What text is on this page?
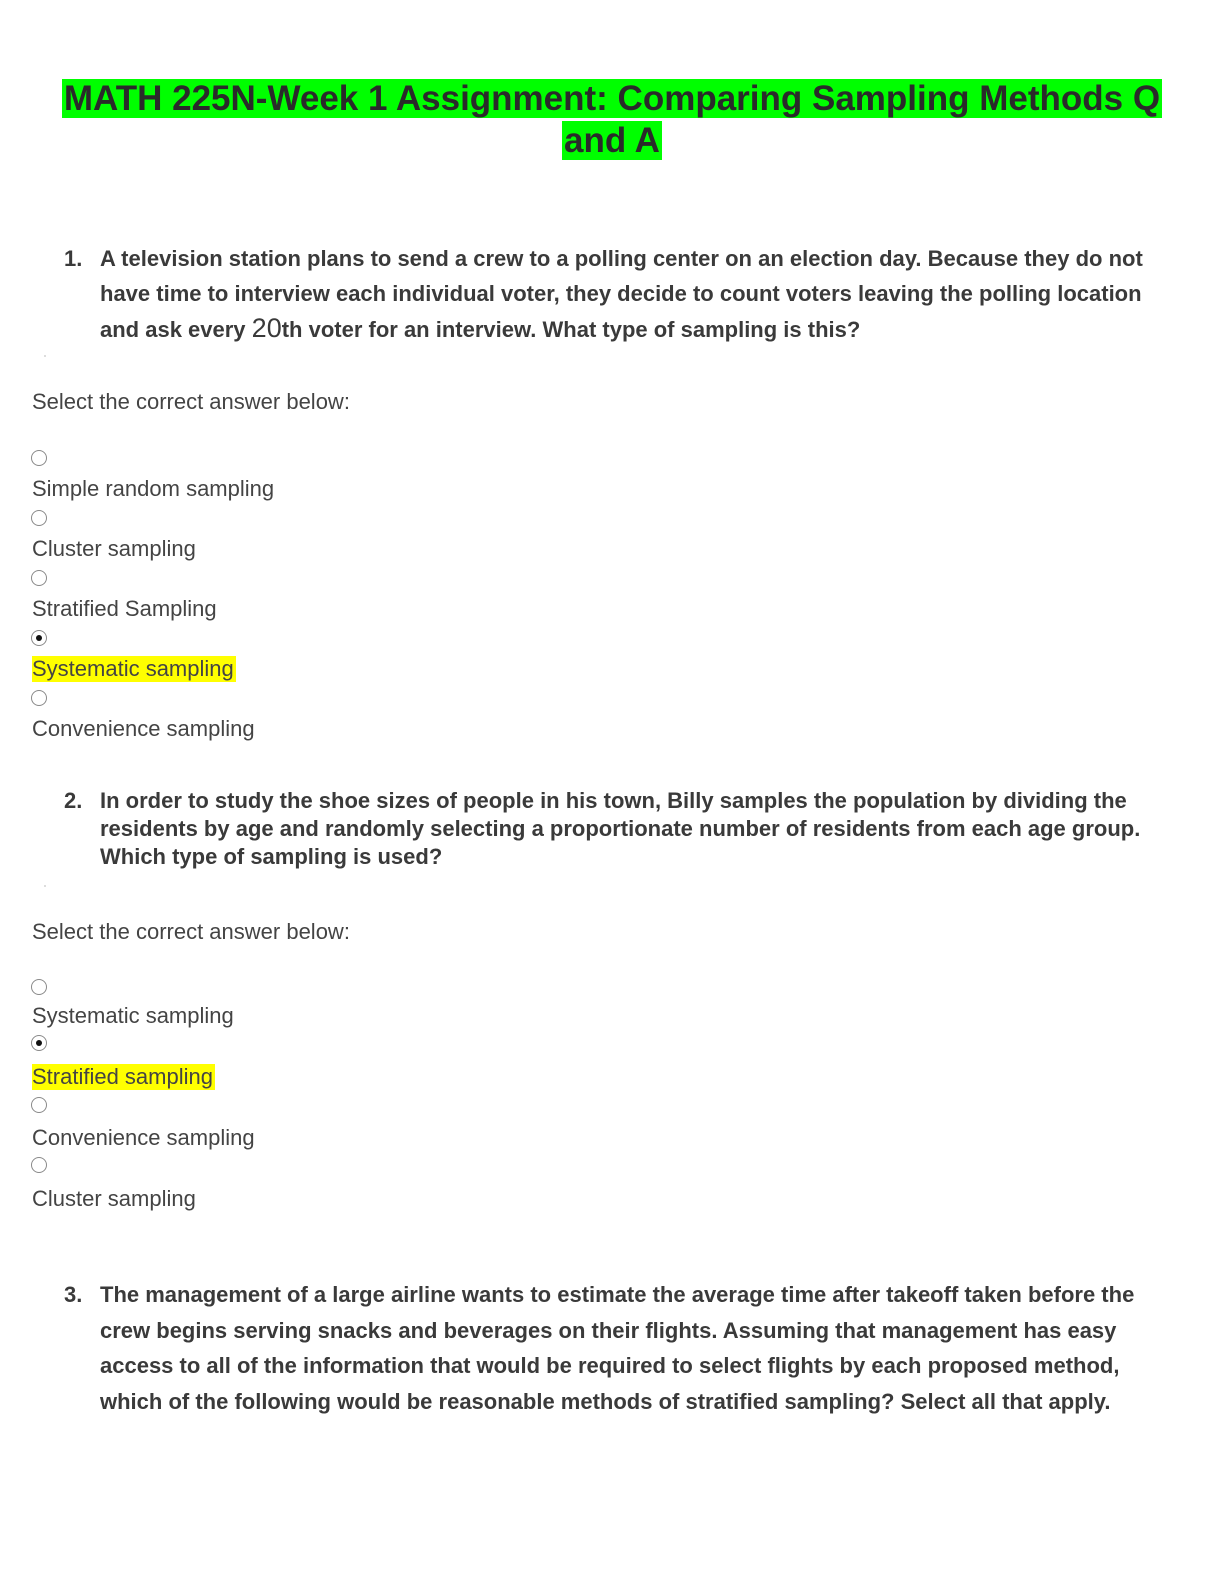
MATH 225N-Week 1 Assignment: Comparing Sampling Methods Q and A
1. A television station plans to send a crew to a polling center on an election day. Because they do not have time to interview each individual voter, they decide to count voters leaving the polling location and ask every 20th voter for an interview. What type of sampling is this?
Select the correct answer below:
Simple random sampling
Cluster sampling
Stratified Sampling
Systematic sampling
Convenience sampling
2. In order to study the shoe sizes of people in his town, Billy samples the population by dividing the residents by age and randomly selecting a proportionate number of residents from each age group. Which type of sampling is used?
Select the correct answer below:
Systematic sampling
Stratified sampling
Convenience sampling
Cluster sampling
3. The management of a large airline wants to estimate the average time after takeoff taken before the crew begins serving snacks and beverages on their flights. Assuming that management has easy access to all of the information that would be required to select flights by each proposed method, which of the following would be reasonable methods of stratified sampling? Select all that apply.
